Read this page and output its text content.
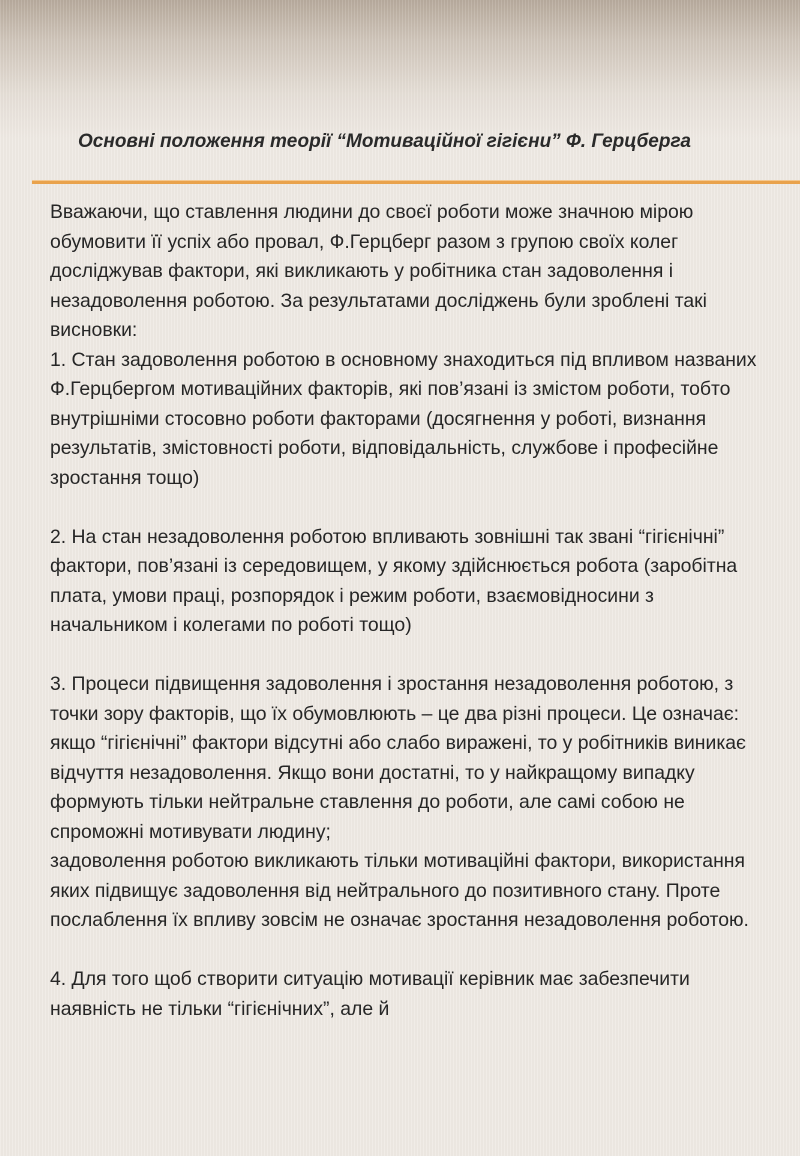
Основні положення теорії “Мотиваційної гігієни” Ф. Герцберга

Вважаючи, що ставлення людини до своєї роботи може значною мірою обумовити її успіх або провал, Ф.Герцберг разом з групою своїх колег досліджував фактори, які викликають у робітника стан задоволення і незадоволення роботою. За результатами досліджень були зроблені такі висновки:

1. Стан задоволення роботою в основному знаходиться під впливом названих Ф.Герцбергом мотиваційних факторів, які пов’язані із змістом роботи, тобто внутрішніми стосовно роботи факторами (досягнення у роботі, визнання результатів, змістовності роботи, відповідальність, службове і професійне зростання тощо)

2. На стан незадоволення роботою впливають зовнішні так звані “гігієнічні” фактори, пов’язані із середовищем, у якому здійснюється робота (заробітна плата, умови праці, розпорядок і режим роботи, взаємовідносини з начальником і колегами по роботі тощо)

3. Процеси підвищення задоволення і зростання незадоволення роботою, з точки зору факторів, що їх обумовлюють – це два різні процеси. Це означає:

якщо “гігієнічні” фактори відсутні або слабо виражені, то у робітників виникає відчуття незадоволення. Якщо вони достатні, то у найкращому випадку формують тільки нейтральне ставлення до роботи, але самі собою не спроможні мотивувати людину;

задоволення роботою викликають тільки мотиваційні фактори, використання яких підвищує задоволення від нейтрального до позитивного стану. Проте послаблення їх впливу зовсім не означає зростання незадоволення роботою.

4. Для того щоб створити ситуацію мотивації керівник має забезпечити наявність не тільки “гігієнічних”, але й
